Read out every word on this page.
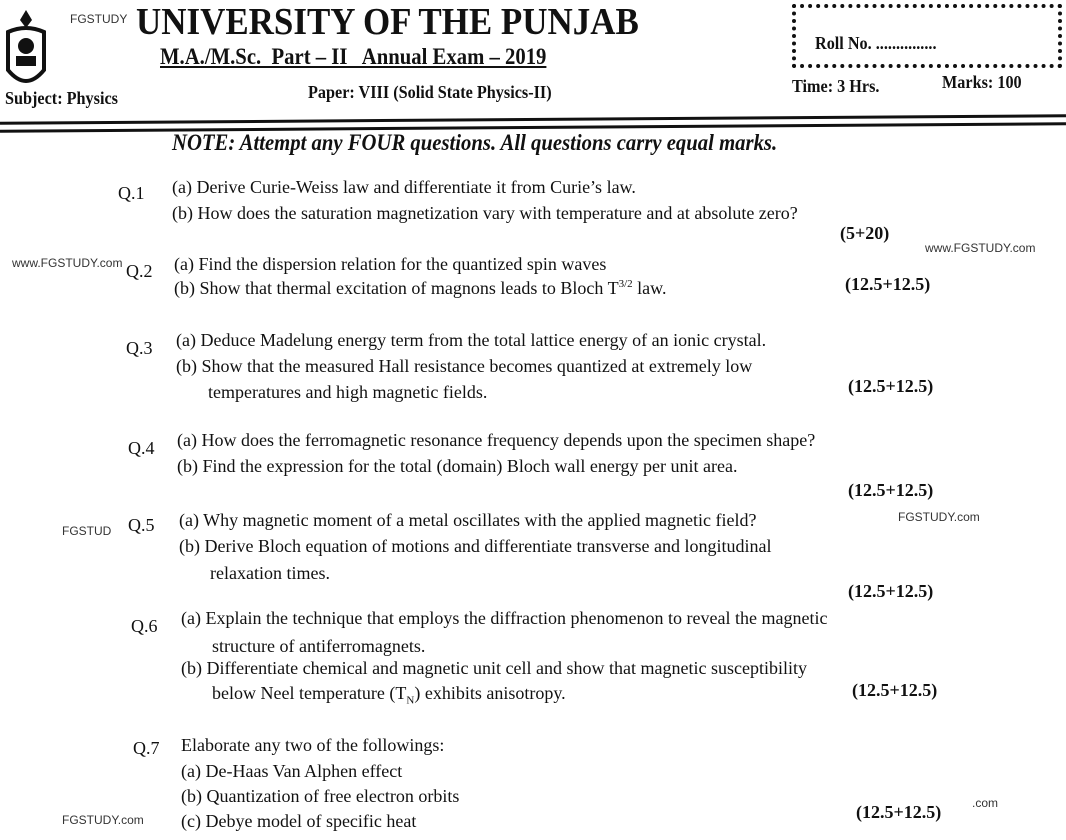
FGSTUDY UNIVERSITY OF THE PUNJAB
M.A./M.Sc.  Part – II   Annual Exam – 2019
Subject: Physics	Paper: VIII (Solid State Physics-II)
Roll No. ...............
Time: 3 Hrs.	Marks: 100
NOTE: Attempt any FOUR questions. All questions carry equal marks.
Q.1 (a) Derive Curie-Weiss law and differentiate it from Curie’s law.
(b) How does the saturation magnetization vary with temperature and at absolute zero?
(5+20)
www.FGSTUDY.com
www.FGSTUDY.com Q.2 (a) Find the dispersion relation for the quantized spin waves
(b) Show that thermal excitation of magnons leads to Bloch $T^{3/2}$ law.	(12.5+12.5)
Q.3 (a) Deduce Madelung energy term from the total lattice energy of an ionic crystal.
(b) Show that the measured Hall resistance becomes quantized at extremely low
temperatures and high magnetic fields.	(12.5+12.5)
Q.4 (a) How does the ferromagnetic resonance frequency depends upon the specimen shape?
(b) Find the expression for the total (domain) Bloch wall energy per unit area.
(12.5+12.5)
FGSTUD Q.5 (a) Why magnetic moment of a metal oscillates with the applied magnetic field?	FGSTUDY.com
(b) Derive Bloch equation of motions and differentiate transverse and longitudinal
relaxation times.
(12.5+12.5)
Q.6 (a) Explain the technique that employs the diffraction phenomenon to reveal the magnetic
structure of antiferromagnets.
(b) Differentiate chemical and magnetic unit cell and show that magnetic susceptibility
below Neel temperature $(T_N)$ exhibits anisotropy.	(12.5+12.5)
Q.7 Elaborate any two of the followings:
(a) De-Haas Van Alphen effect
(b) Quantization of free electron orbits
(c) Debye model of specific heat
FGSTUDY.com	(12.5+12.5)	.com
